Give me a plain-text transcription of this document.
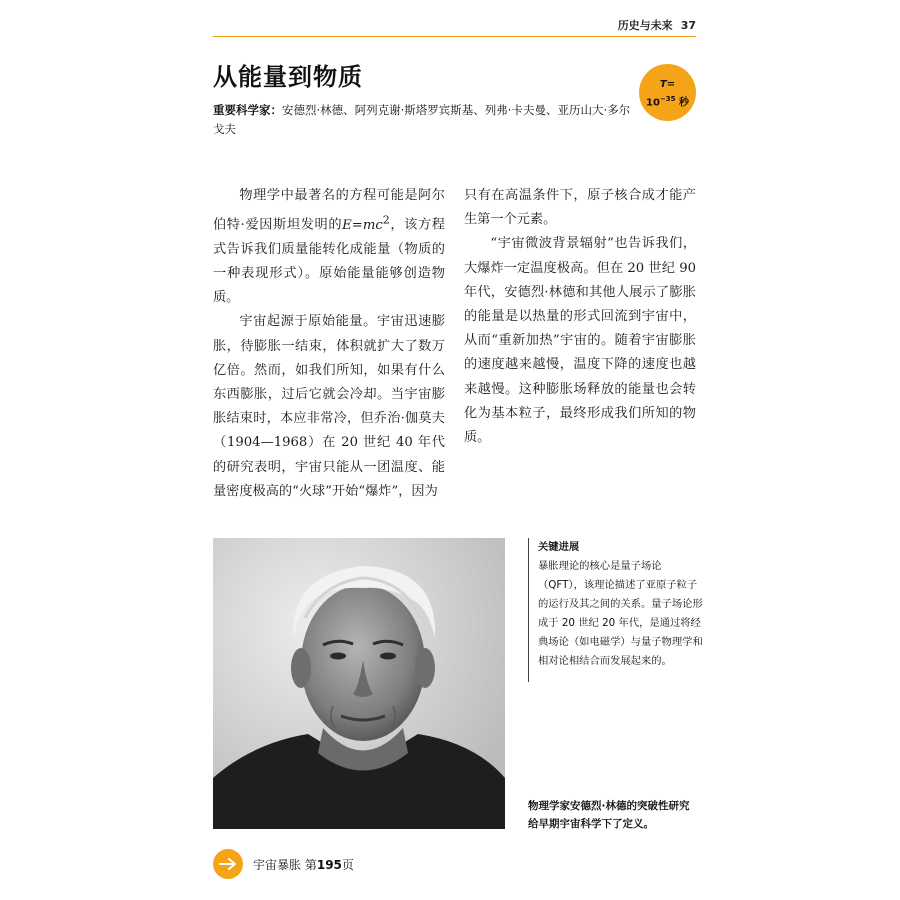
历史与未来 37
从能量到物质	T=
$10^{-35}$ 秒
重要科学家：安德烈·林德、阿列克谢·斯塔罗宾斯基、列弗·卡夫曼、亚历山大·多尔戈夫

物理学中最著名的方程可能是阿尔伯特·爱因斯坦发明的$E=mc^2$，该方程式告诉我们质量能转化成能量（物质的一种表现形式）。原始能量能够创造物质。

宇宙起源于原始能量。宇宙迅速膨胀，待膨胀一结束，体积就扩大了数万亿倍。然而，如我们所知，如果有什么东西膨胀，过后它就会冷却。当宇宙膨胀结束时，本应非常冷，但乔治·伽莫夫（1904—1968）在 20 世纪 40 年代的研究表明，宇宙只能从一团温度、能量密度极高的“火球”开始“爆炸”，因为

只有在高温条件下，原子核合成才能产生第一个元素。

“宇宙微波背景辐射”也告诉我们，大爆炸一定温度极高。但在 20 世纪 90 年代，安德烈·林德和其他人展示了膨胀的能量是以热量的形式回流到宇宙中，从而“重新加热”宇宙的。随着宇宙膨胀的速度越来越慢，温度下降的速度也越来越慢。这种膨胀场释放的能量也会转化为基本粒子，最终形成我们所知的物质。

关键进展
暴胀理论的核心是量子场论（QFT），该理论描述了亚原子粒子的运行及其之间的关系。量子场论形成于 20 世纪 20 年代，是通过将经典场论（如电磁学）与量子物理学和相对论相结合而发展起来的。
物理学家安德烈·林德的突破性研究给早期宇宙科学下了定义。
宇宙暴胀 第195页
